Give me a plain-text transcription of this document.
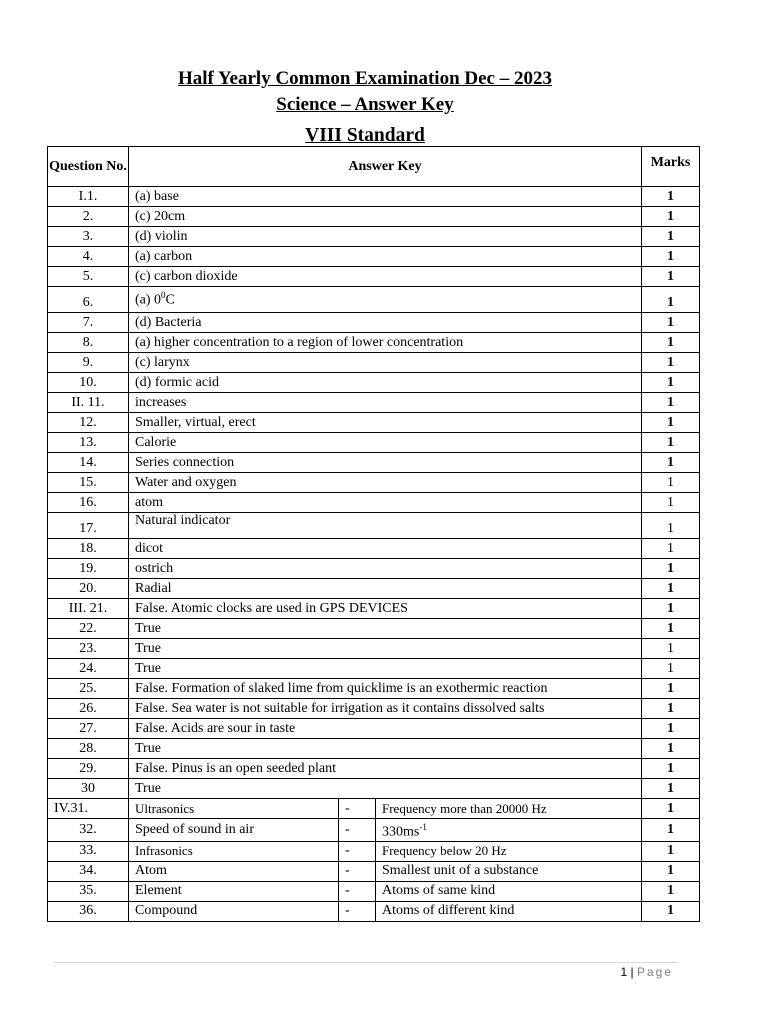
Half Yearly Common Examination Dec – 2023
Science – Answer Key
VIII Standard
Question No.	Answer Key			Marks
I.1.	(a) base			1
2.	(c) 20cm			1
3.	(d) violin			1
4.	(a) carbon			1
5.	(c) carbon dioxide			1
6.	(a) $0^0C$			1
7.	(d) Bacteria			1
8.	(a) higher concentration to a region of lower concentration			1
9.	(c) larynx			1
10.	(d) formic acid			1
II. 11.	increases			1
12.	Smaller, virtual, erect			1
13.	Calorie			1
14.	Series connection			1
15.	Water and oxygen			1
16.	atom			1
17.	Natural indicator			1
18.	dicot			1
19.	ostrich			1
20.	Radial			1
III. 21.	False. Atomic clocks are used in GPS DEVICES			1
22.	True			1
23.	True			1
24.	True			1
25.	False. Formation of slaked lime from quicklime is an exothermic reaction			1
26.	False. Sea water is not suitable for irrigation as it contains dissolved salts			1
27.	False. Acids are sour in taste			1
28.	True			1
29.	False. Pinus is an open seeded plant			1
30	True			1
IV.31.	Ultrasonics	-	Frequency more than 20000 Hz	1
32.	Speed of sound in air	-	$330ms^{-1}$	1
33.	Infrasonics	-	Frequency below 20 Hz	1
34.	Atom	-	Smallest unit of a substance	1
35.	Element	-	Atoms of same kind	1
36.	Compound	-	Atoms of different kind	1
1 | Page
